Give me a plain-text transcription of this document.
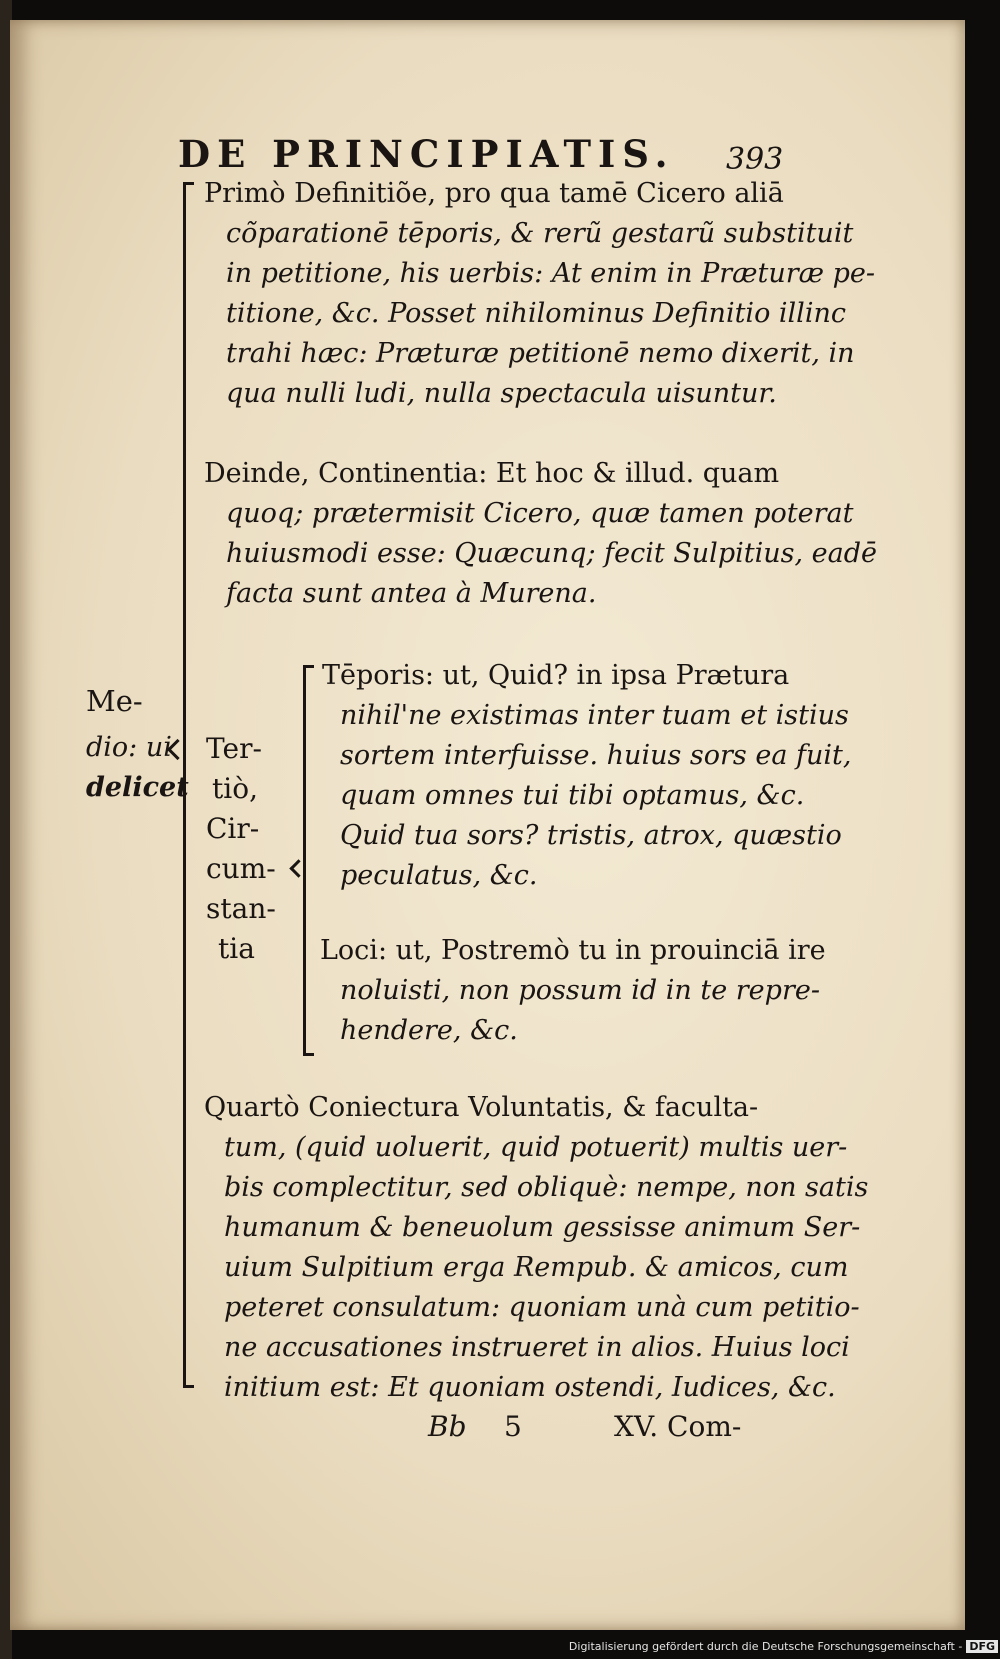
DE PRINCIPIATIS. 393
Primò Definitiõe, pro qua tamē Cicero aliā
cõparationē tēporis, & rerũ gestarũ substituit
in petitione, his uerbis: At enim in Præturæ pe-
titione, &c. Posset nihilominus Definitio illinc
trahi hæc: Præturæ petitionē nemo dixerit, in
qua nulli ludi, nulla spectacula uisuntur.
Deinde, Continentia: Et hoc & illud. quam
quoq; prætermisit Cicero, quæ tamen poterat
huiusmodi esse: Quæcunq; fecit Sulpitius, eadē
facta sunt antea à Murena.
Me-
dio: ui
delicet
Ter-
tiò,
Cir-
cum-
stan-
tia
Tēporis: ut, Quid? in ipsa Prætura
nihil'ne existimas inter tuam et istius
sortem interfuisse. huius sors ea fuit,
quam omnes tui tibi optamus, &c.
Quid tua sors? tristis, atrox, quæstio
peculatus, &c.
Loci: ut, Postremò tu in prouinciā ire
noluisti, non possum id in te repre-
hendere, &c.
Quartò Coniectura Voluntatis, & faculta-
tum, (quid uoluerit, quid potuerit) multis uer-
bis complectitur, sed obliquè: nempe, non satis
humanum & beneuolum gessisse animum Ser-
uium Sulpitium erga Rempub. & amicos, cum
peteret consulatum: quoniam unà cum petitio-
ne accusationes instrueret in alios. Huius loci
initium est: Et quoniam ostendi, Iudices, &c.
Bb 5	XV. Com-
Digitalisierung gefördert durch die Deutsche Forschungsgemeinschaft - DFG
